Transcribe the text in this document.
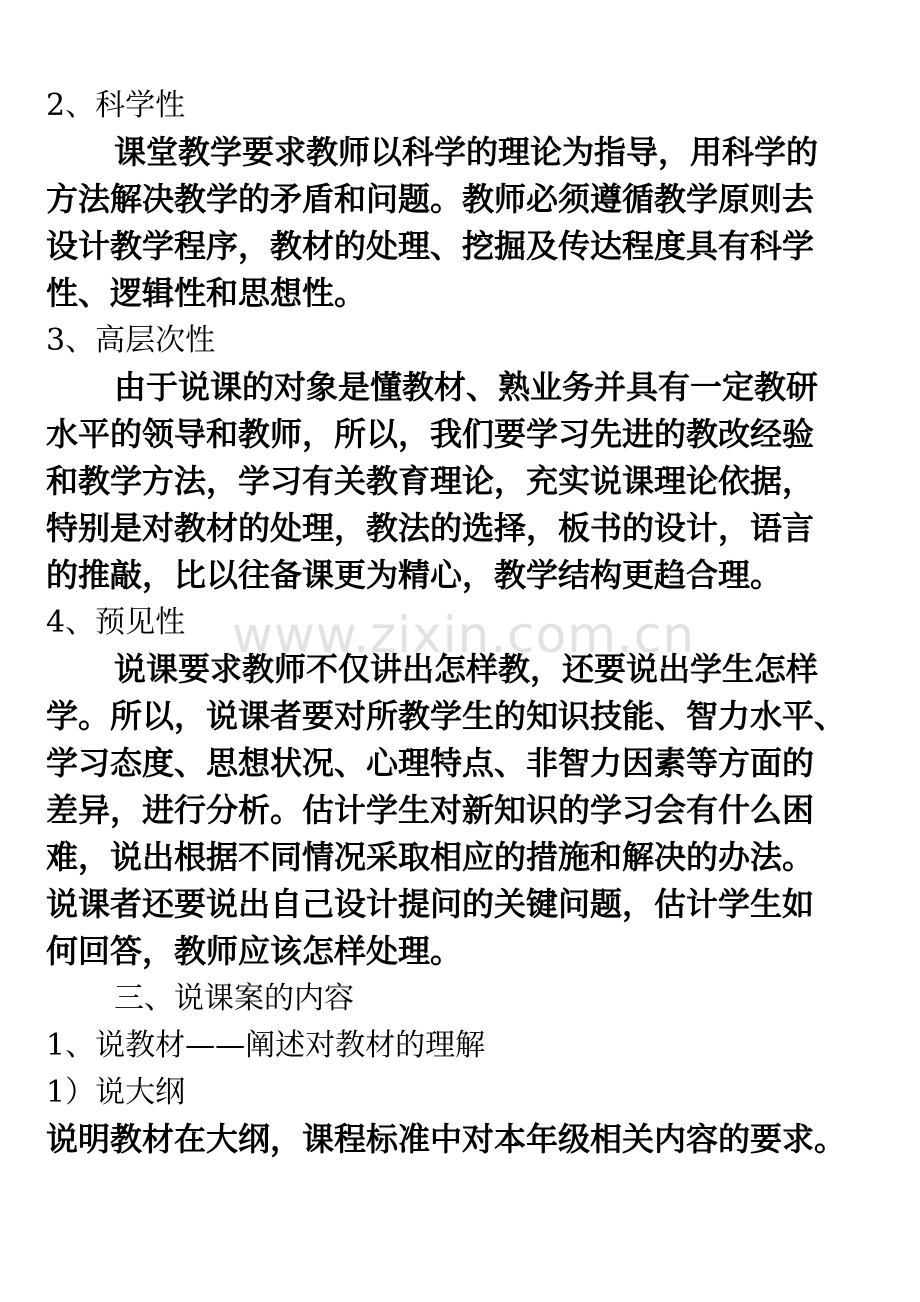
2、科学性
课堂教学要求教师以科学的理论为指导，用科学的
方法解决教学的矛盾和问题。教师必须遵循教学原则去
设计教学程序，教材的处理、挖掘及传达程度具有科学
性、逻辑性和思想性。
3、高层次性
由于说课的对象是懂教材、熟业务并具有一定教研
水平的领导和教师，所以，我们要学习先进的教改经验
和教学方法，学习有关教育理论，充实说课理论依据，
特别是对教材的处理，教法的选择，板书的设计，语言
的推敲，比以往备课更为精心，教学结构更趋合理。
4、预见性
说课要求教师不仅讲出怎样教，还要说出学生怎样
学。所以，说课者要对所教学生的知识技能、智力水平、
学习态度、思想状况、心理特点、非智力因素等方面的
差异，进行分析。估计学生对新知识的学习会有什么困
难，说出根据不同情况采取相应的措施和解决的办法。
说课者还要说出自己设计提问的关键问题，估计学生如
何回答，教师应该怎样处理。
三、说课案的内容
1、说教材——阐述对教材的理解
1）说大纲
说明教材在大纲，课程标准中对本年级相关内容的要求。
www.zixin.com.cn
